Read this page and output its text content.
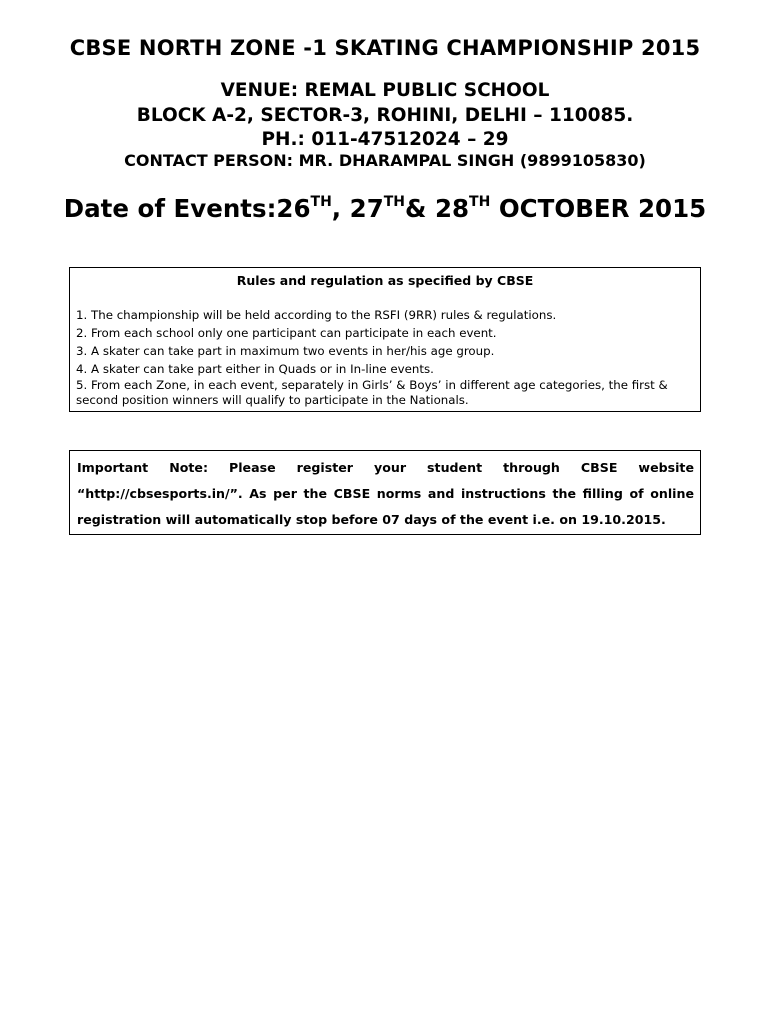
CBSE NORTH ZONE -1 SKATING CHAMPIONSHIP 2015
VENUE: REMAL PUBLIC SCHOOL
BLOCK A-2, SECTOR-3, ROHINI, DELHI – 110085.
PH.: 011-47512024 – 29
CONTACT PERSON: MR. DHARAMPAL SINGH (9899105830)
Date of Events:26TH, 27TH& 28TH OCTOBER 2015
Rules and regulation as specified by CBSE
1. The championship will be held according to the RSFI (9RR) rules & regulations.
2. From each school only one participant can participate in each event.
3. A skater can take part in maximum two events in her/his age group.
4. A skater can take part either in Quads or in In-line events.
5. From each Zone, in each event, separately in Girls’ & Boys’ in different age categories, the first & second position winners will qualify to participate in the Nationals.
Important Note: Please register your student through CBSE website “http://cbsesports.in/”. As per the CBSE norms and instructions the filling of online registration will automatically stop before 07 days of the event i.e. on 19.10.2015.
